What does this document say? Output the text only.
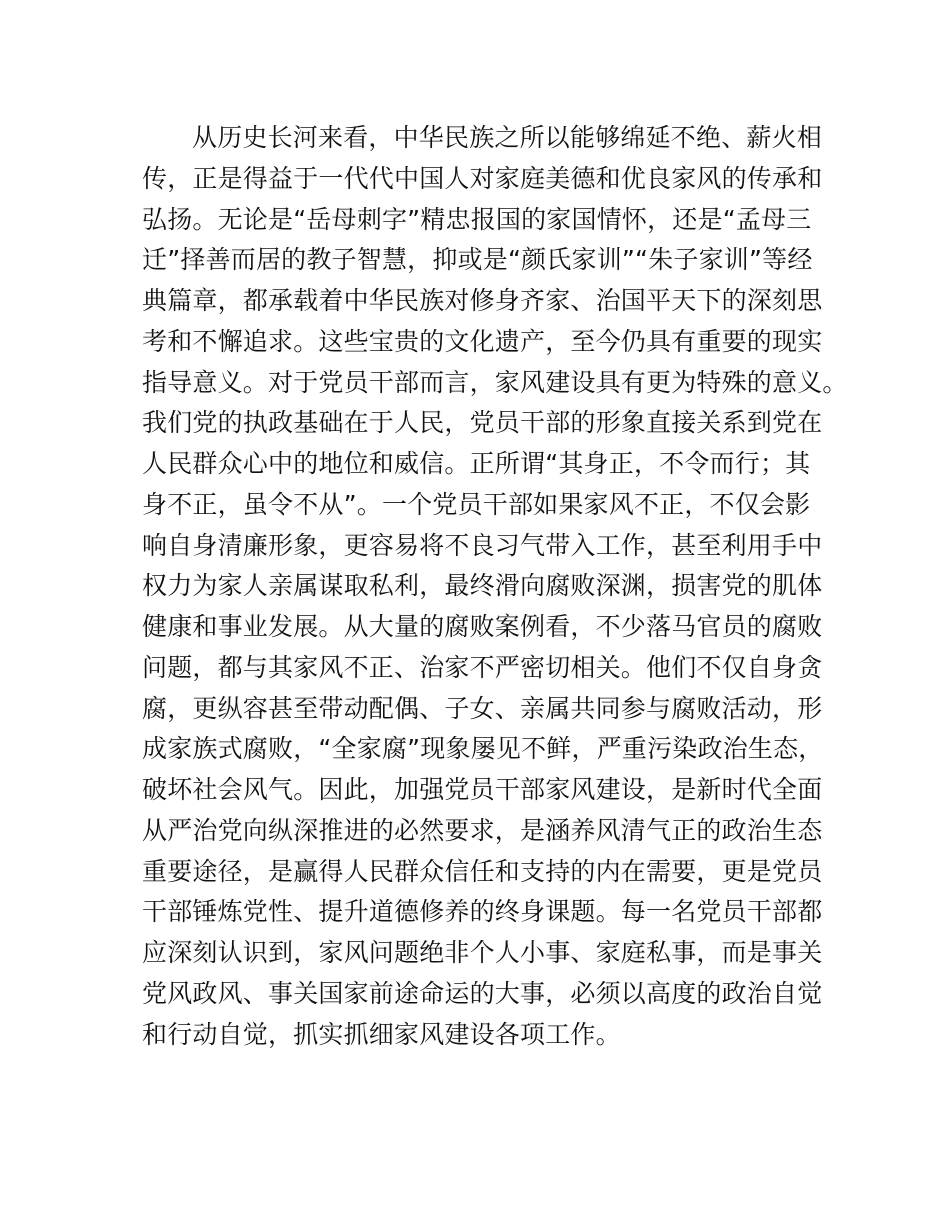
从历史长河来看，中华民族之所以能够绵延不绝、薪火相
传，正是得益于一代代中国人对家庭美德和优良家风的传承和
弘扬。无论是“岳母刺字”精忠报国的家国情怀，还是“孟母三
迁”择善而居的教子智慧，抑或是“颜氏家训”“朱子家训”等经
典篇章，都承载着中华民族对修身齐家、治国平天下的深刻思
考和不懈追求。这些宝贵的文化遗产，至今仍具有重要的现实
指导意义。对于党员干部而言，家风建设具有更为特殊的意义。
我们党的执政基础在于人民，党员干部的形象直接关系到党在
人民群众心中的地位和威信。正所谓“其身正，不令而行；其
身不正，虽令不从”。一个党员干部如果家风不正，不仅会影
响自身清廉形象，更容易将不良习气带入工作，甚至利用手中
权力为家人亲属谋取私利，最终滑向腐败深渊，损害党的肌体
健康和事业发展。从大量的腐败案例看，不少落马官员的腐败
问题，都与其家风不正、治家不严密切相关。他们不仅自身贪
腐，更纵容甚至带动配偶、子女、亲属共同参与腐败活动，形
成家族式腐败，“全家腐”现象屡见不鲜，严重污染政治生态，
破坏社会风气。因此，加强党员干部家风建设，是新时代全面
从严治党向纵深推进的必然要求，是涵养风清气正的政治生态
重要途径，是赢得人民群众信任和支持的内在需要，更是党员
干部锤炼党性、提升道德修养的终身课题。每一名党员干部都
应深刻认识到，家风问题绝非个人小事、家庭私事，而是事关
党风政风、事关国家前途命运的大事，必须以高度的政治自觉
和行动自觉，抓实抓细家风建设各项工作。
